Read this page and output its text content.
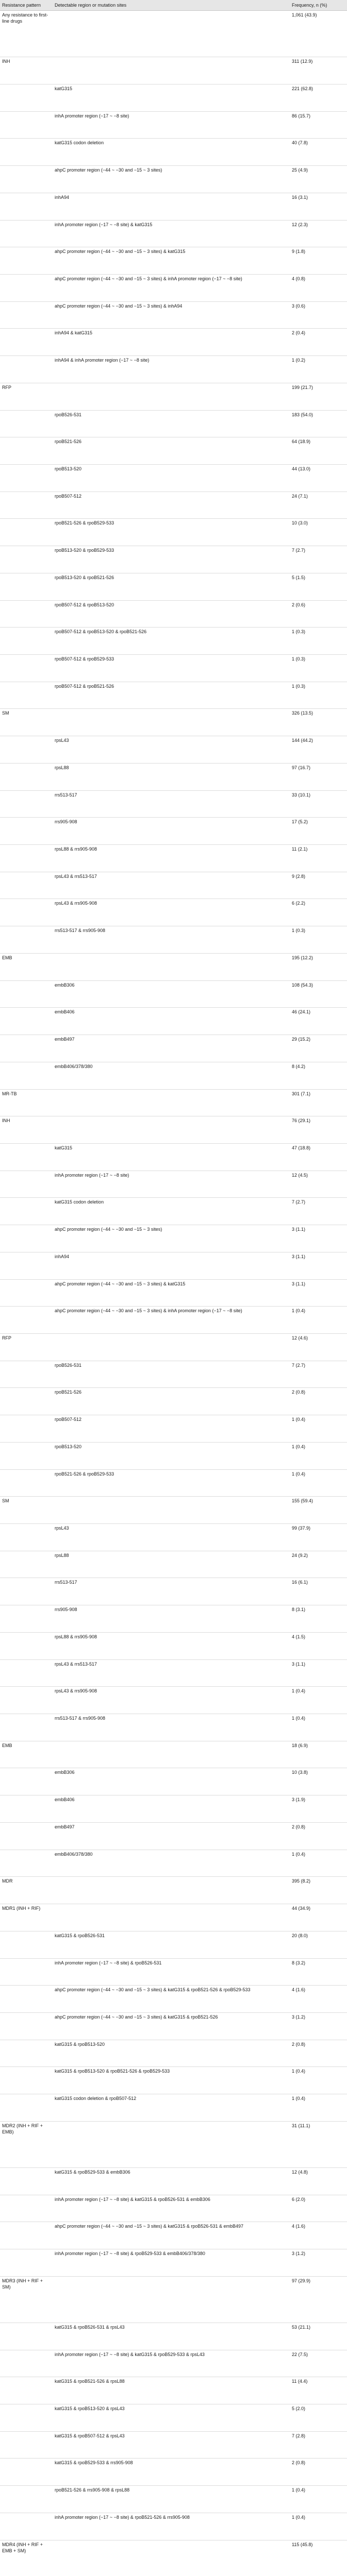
Resistance pattern	Detectable region or mutation sites	Frequency, n (%)
Any resistance to first-line drugs		1,061 (43.9)
INH		311 (12.9)
	katG315	221 (62.8)
	inhA promoter region (−17 ~ −8 site)	86 (15.7)
	katG315 codon deletion	40 (7.8)
	ahpC promoter region (−44 ~ −30 and −15 ~ 3 sites)	25 (4.9)
	inhA94	16 (3.1)
	inhA promoter region (−17 ~ −8 site) & katG315	12 (2.3)
	ahpC promoter region (−44 ~ −30 and −15 ~ 3 sites) & katG315	9 (1.8)
	ahpC promoter region (−44 ~ −30 and −15 ~ 3 sites) & inhA promoter region (−17 ~ −8 site)	4 (0.8)
	ahpC promoter region (−44 ~ −30 and −15 ~ 3 sites) & inhA94	3 (0.6)
	inhA94 & katG315	2 (0.4)
	inhA94 & inhA promoter region (−17 ~ −8 site)	1 (0.2)
RFP		199 (21.7)
	rpoB526-531	183 (54.0)
	rpoB521-526	64 (18.9)
	rpoB513-520	44 (13.0)
	rpoB507-512	24 (7.1)
	rpoB521-526 & rpoB529-533	10 (3.0)
	rpoB513-520 & rpoB529-533	7 (2.7)
	rpoB513-520 & rpoB521-526	5 (1.5)
	rpoB507-512 & rpoB513-520	2 (0.6)
	rpoB507-512 & rpoB513-520 & rpoB521-526	1 (0.3)
	rpoB507-512 & rpoB529-533	1 (0.3)
	rpoB507-512 & rpoB521-526	1 (0.3)
SM		326 (13.5)
	rpsL43	144 (44.2)
	rpsL88	97 (16.7)
	rrs513-517	33 (10.1)
	rrs905-908	17 (5.2)
	rpsL88 & rrs905-908	11 (2.1)
	rpsL43 & rrs513-517	9 (2.8)
	rpsL43 & rrs905-908	6 (2.2)
	rrs513-517 & rrs905-908	1 (0.3)
EMB		195 (12.2)
	embB306	108 (54.3)
	embB406	46 (24.1)
	embB497	29 (15.2)
	embB406/378/380	8 (4.2)
MR-TB		301 (7.1)
INH		76 (29.1)
	katG315	47 (18.8)
	inhA promoter region (−17 ~ −8 site)	12 (4.5)
	katG315 codon deletion	7 (2.7)
	ahpC promoter region (−44 ~ −30 and −15 ~ 3 sites)	3 (1.1)
	inhA94	3 (1.1)
	ahpC promoter region (−44 ~ −30 and −15 ~ 3 sites) & katG315	3 (1.1)
	ahpC promoter region (−44 ~ −30 and −15 ~ 3 sites) & inhA promoter region (−17 ~ −8 site)	1 (0.4)
RFP		12 (4.6)
	rpoB526-531	7 (2.7)
	rpoB521-526	2 (0.8)
	rpoB507-512	1 (0.4)
	rpoB513-520	1 (0.4)
	rpoB521-526 & rpoB529-533	1 (0.4)
SM		155 (59.4)
	rpsL43	99 (37.9)
	rpsL88	24 (9.2)
	rrs513-517	16 (6.1)
	rrs905-908	8 (3.1)
	rpsL88 & rrs905-908	4 (1.5)
	rpsL43 & rrs513-517	3 (1.1)
	rpsL43 & rrs905-908	1 (0.4)
	rrs513-517 & rrs905-908	1 (0.4)
EMB		18 (6.9)
	embB306	10 (3.8)
	embB406	3 (1.9)
	embB497	2 (0.8)
	embB406/378/380	1 (0.4)
MDR		395 (8.2)
MDR1 (INH + RIF)		44 (34.9)
	katG315 & rpoB526-531	20 (8.0)
	inhA promoter region (−17 ~ −8 site) & rpoB526-531	8 (3.2)
	ahpC promoter region (−44 ~ −30 and −15 ~ 3 sites) & katG315 & rpoB521-526 & rpoB529-533	4 (1.6)
	ahpC promoter region (−44 ~ −30 and −15 ~ 3 sites) & katG315 & rpoB521-526	3 (1.2)
	katG315 & rpoB513-520	2 (0.8)
	katG315 & rpoB513-520 & rpoB521-526 & rpoB529-533	1 (0.4)
	katG315 codon deletion & rpoB507-512	1 (0.4)
MDR2 (INH + RIF + EMB)		31 (11.1)
	katG315 & rpoB529-533 & embB306	12 (4.8)
	inhA promoter region (−17 ~ −8 site) & katG315 & rpoB526-531 & embB306	6 (2.0)
	ahpC promoter region (−44 ~ −30 and −15 ~ 3 sites) & katG315 & rpoB526-531 & embB497	4 (1.6)
	inhA promoter region (−17 ~ −8 site) & rpoB529-533 & embB406/378/380	3 (1.2)
MDR3 (INH + RIF + SM)		97 (29.9)
	katG315 & rpoB526-531 & rpsL43	53 (21.1)
	inhA promoter region (−17 ~ −8 site) & katG315 & rpoB529-533 & rpsL43	22 (7.5)
	katG315 & rpoB521-526 & rpsL88	11 (4.4)
	katG315 & rpoB513-520 & rpsL43	5 (2.0)
	katG315 & rpoB507-512 & rpsL43	7 (2.8)
	katG315 & rpoB529-533 & rrs905-908	2 (0.8)
	rpoB521-526 & rrs905-908 & rpsL88	1 (0.4)
	inhA promoter region (−17 ~ −8 site) & rpoB521-526 & rrs905-908	1 (0.4)
MDR4 (INH + RIF + EMB + SM)		115 (45.8)
